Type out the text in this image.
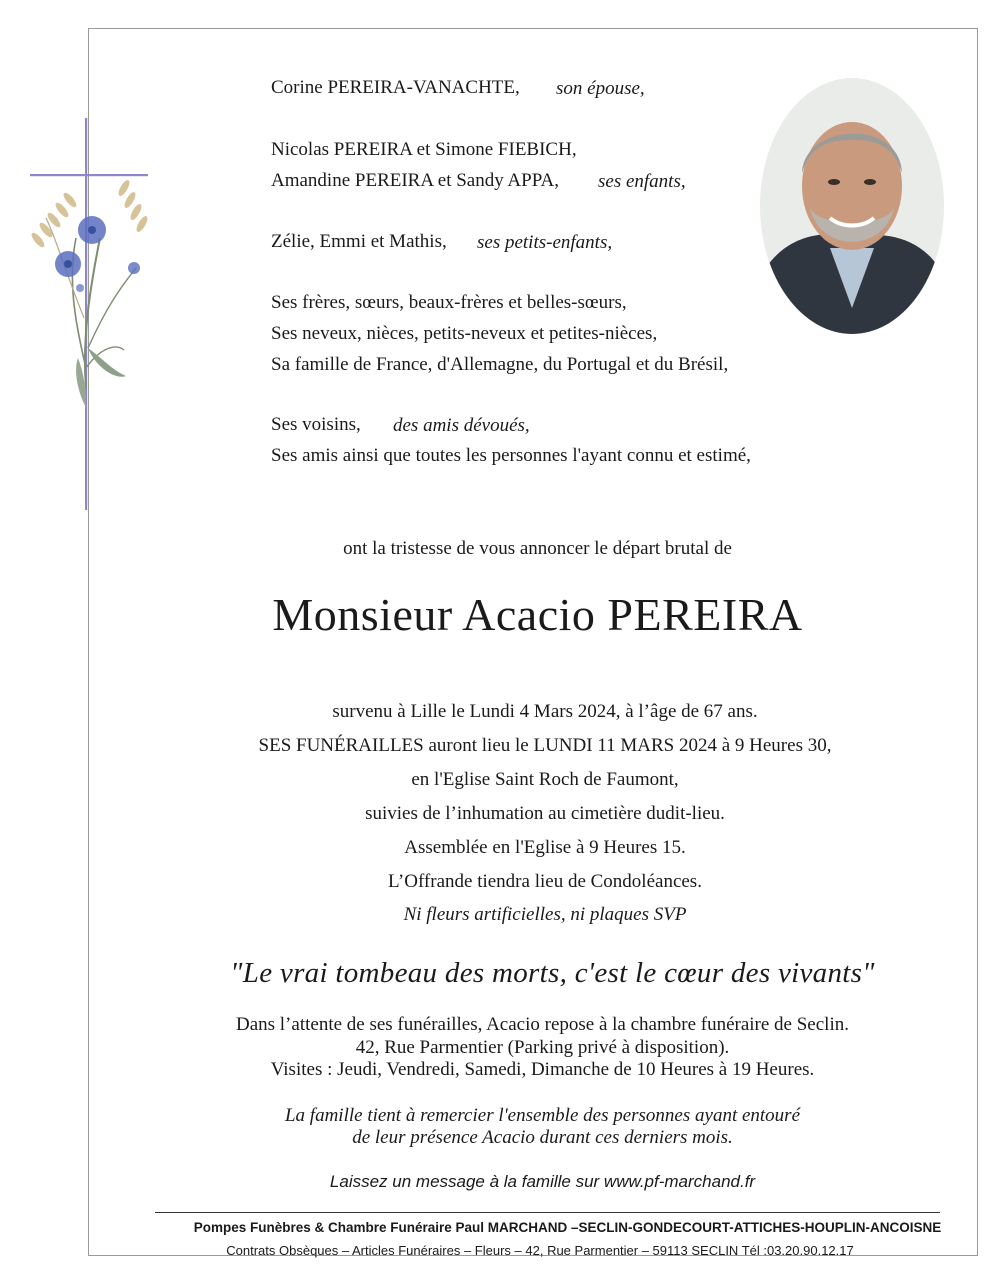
Corine PEREIRA-VANACHTE, son épouse,
Nicolas PEREIRA et Simone FIEBICH,
Amandine PEREIRA et Sandy APPA, ses enfants,
Zélie, Emmi et Mathis, ses petits-enfants,
Ses frères, sœurs, beaux-frères et belles-sœurs,
Ses neveux, nièces, petits-neveux et petites-nièces,
Sa famille de France, d'Allemagne, du Portugal et du Brésil,
Ses voisins, des amis dévoués,
Ses amis ainsi que toutes les personnes l'ayant connu et estimé,
ont la tristesse de vous annoncer le départ brutal de
Monsieur Acacio PEREIRA
survenu à Lille le Lundi 4 Mars 2024, à l’âge de 67 ans.
SES FUNÉRAILLES auront lieu le LUNDI 11 MARS 2024 à 9 Heures 30,
en l'Eglise Saint Roch de Faumont,
suivies de l’inhumation au cimetière dudit-lieu.
Assemblée en l'Eglise à 9 Heures 15.
L’Offrande tiendra lieu de Condoléances.
Ni fleurs artificielles, ni plaques SVP
"Le vrai tombeau des morts, c'est le cœur des vivants"
Dans l’attente de ses funérailles, Acacio repose à la chambre funéraire de Seclin.
42, Rue Parmentier (Parking privé à disposition).
Visites : Jeudi, Vendredi, Samedi, Dimanche de 10 Heures à 19 Heures.
La famille tient à remercier l'ensemble des personnes ayant entouré
de leur présence Acacio durant ces derniers mois.
Laissez un message à la famille sur www.pf-marchand.fr
Pompes Funèbres & Chambre Funéraire Paul MARCHAND –SECLIN-GONDECOURT-ATTICHES-HOUPLIN-ANCOISNE
Contrats Obsèques – Articles Funéraires – Fleurs – 42, Rue Parmentier – 59113 SECLIN Tél :03.20.90.12.17
